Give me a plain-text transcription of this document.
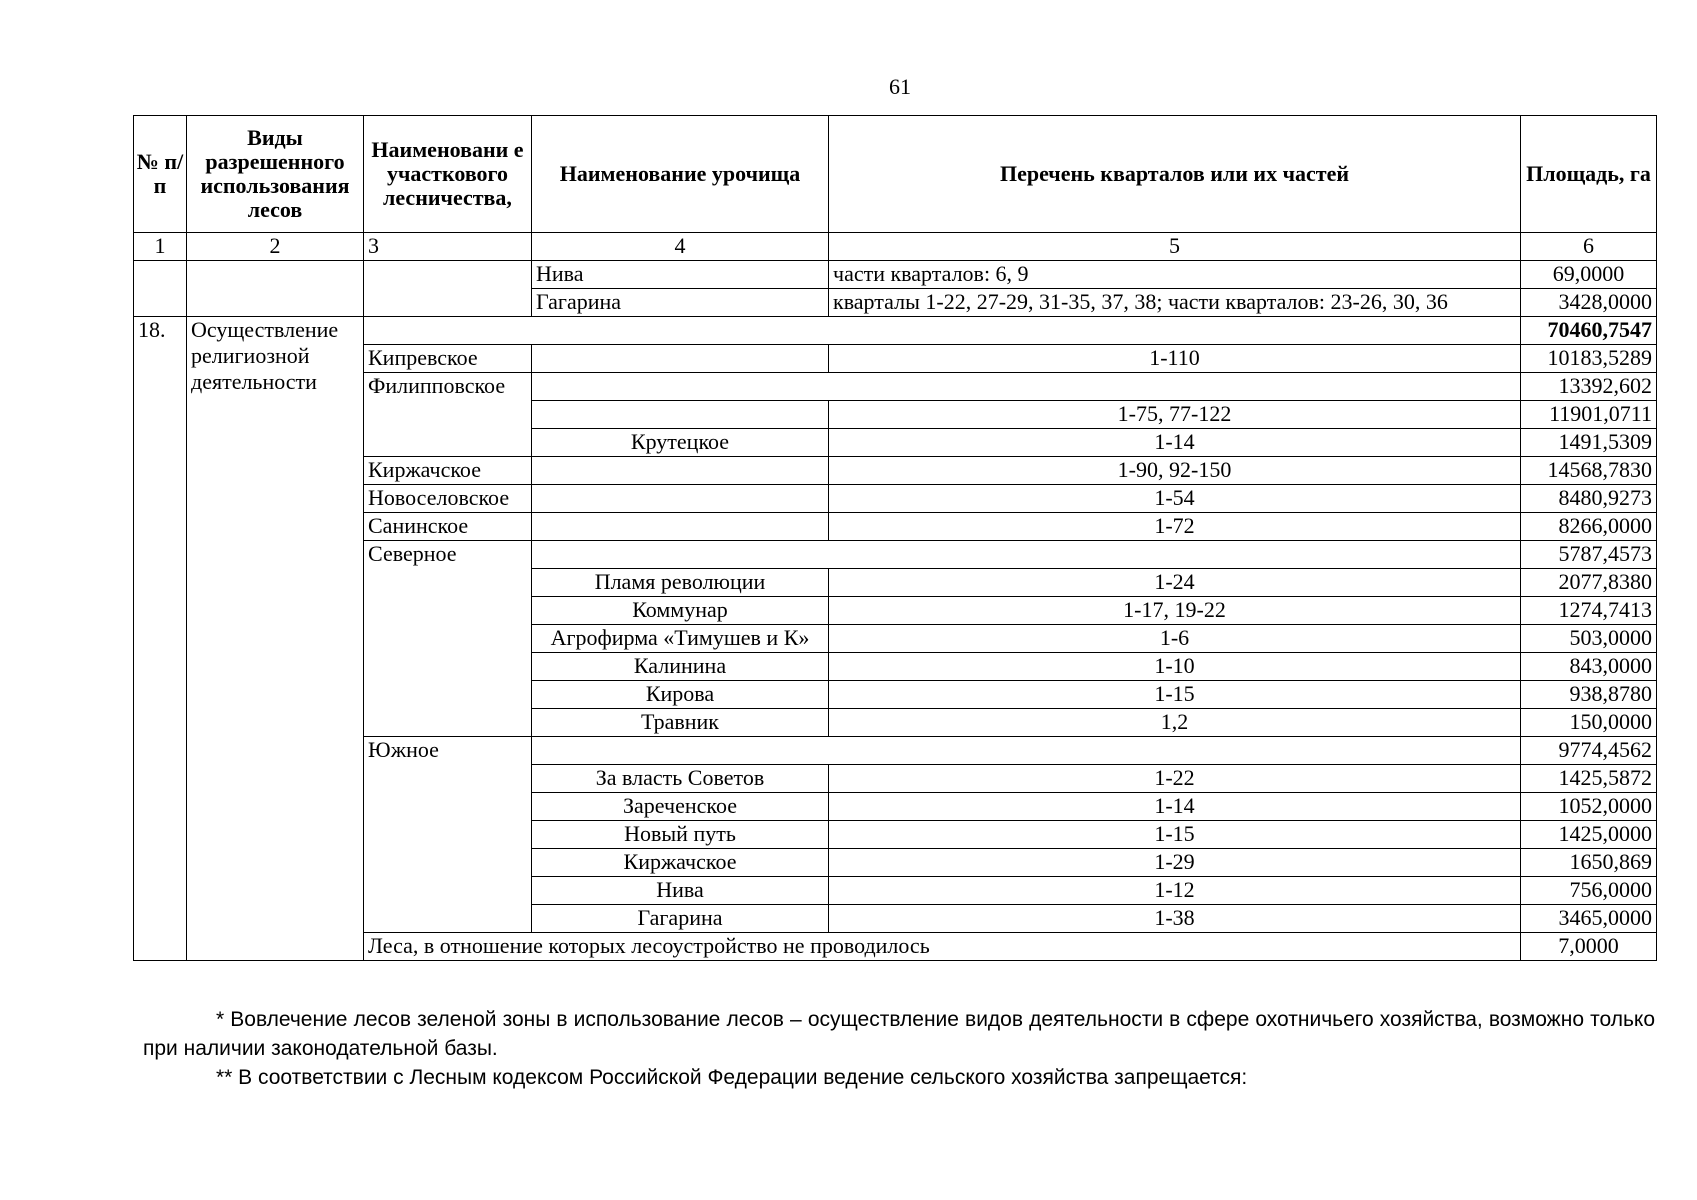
61
№ п/п	Виды разрешенного использования лесов	Наименовани е участкового лесничества,	Наименование урочища	Перечень кварталов или их частей	Площадь, га
1	2	3	4	5	6
			Нива	части кварталов: 6, 9	69,0000
			Гагарина	кварталы 1-22, 27-29, 31-35, 37, 38; части кварталов: 23-26, 30, 36	3428,0000
18.	Осуществление религиозной деятельности				70460,7547
		Кипревское		1-110	10183,5289
		Филипповское			13392,602
				1-75, 77-122	11901,0711
			Крутецкое	1-14	1491,5309
		Киржачское		1-90, 92-150	14568,7830
		Новоселовское		1-54	8480,9273
		Санинское		1-72	8266,0000
		Северное			5787,4573
			Пламя революции	1-24	2077,8380
			Коммунар	1-17, 19-22	1274,7413
			Агрофирма «Тимушев и К»	1-6	503,0000
			Калинина	1-10	843,0000
			Кирова	1-15	938,8780
			Травник	1,2	150,0000
		Южное			9774,4562
			За власть Советов	1-22	1425,5872
			Зареченское	1-14	1052,0000
			Новый путь	1-15	1425,0000
			Киржачское	1-29	1650,869
			Нива	1-12	756,0000
			Гагарина	1-38	3465,0000
		Леса, в отношение которых лесоустройство не проводилось			7,0000

* Вовлечение лесов зеленой зоны в использование лесов – осуществление видов деятельности в сфере охотничьего хозяйства, возможно только при наличии законодательной базы.

** В соответствии с Лесным кодексом Российской Федерации ведение сельского хозяйства запрещается:
